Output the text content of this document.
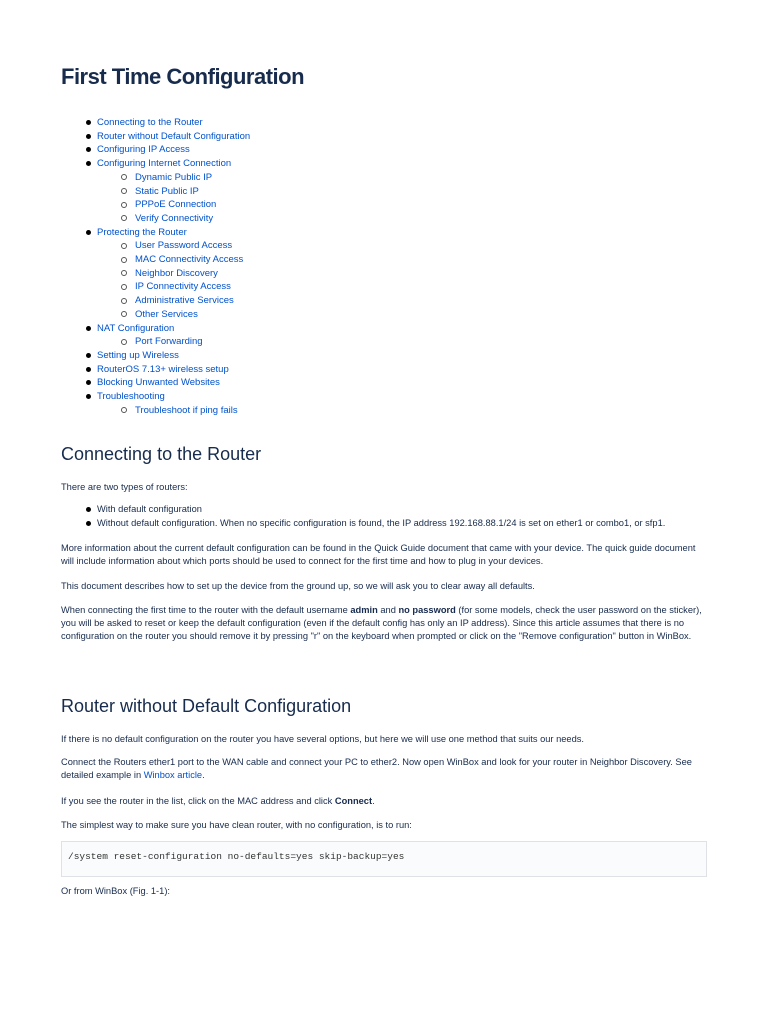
First Time Configuration
Connecting to the Router
Router without Default Configuration
Configuring IP Access
Configuring Internet Connection
Dynamic Public IP
Static Public IP
PPPoE Connection
Verify Connectivity
Protecting the Router
User Password Access
MAC Connectivity Access
Neighbor Discovery
IP Connectivity Access
Administrative Services
Other Services
NAT Configuration
Port Forwarding
Setting up Wireless
RouterOS 7.13+ wireless setup
Blocking Unwanted Websites
Troubleshooting
Troubleshoot if ping fails
Connecting to the Router

There are two types of routers:

With default configuration
Without default configuration. When no specific configuration is found, the IP address 192.168.88.1/24 is set on ether1 or combo1, or sfp1.

More information about the current default configuration can be found in the Quick Guide document that came with your device. The quick guide document will include information about which ports should be used to connect for the first time and how to plug in your devices.

This document describes how to set up the device from the ground up, so we will ask you to clear away all defaults.

When connecting the first time to the router with the default username admin and no password (for some models, check the user password on the sticker), you will be asked to reset or keep the default configuration (even if the default config has only an IP address). Since this article assumes that there is no configuration on the router you should remove it by pressing "r" on the keyboard when prompted or click on the "Remove configuration" button in WinBox.

Router without Default Configuration

If there is no default configuration on the router you have several options, but here we will use one method that suits our needs.

Connect the Routers ether1 port to the WAN cable and connect your PC to ether2. Now open WinBox and look for your router in Neighbor Discovery. See detailed example in Winbox article.

If you see the router in the list, click on the MAC address and click Connect.

The simplest way to make sure you have clean router, with no configuration, is to run:

/system reset-configuration no-defaults=yes skip-backup=yes

Or from WinBox (Fig. 1-1):
